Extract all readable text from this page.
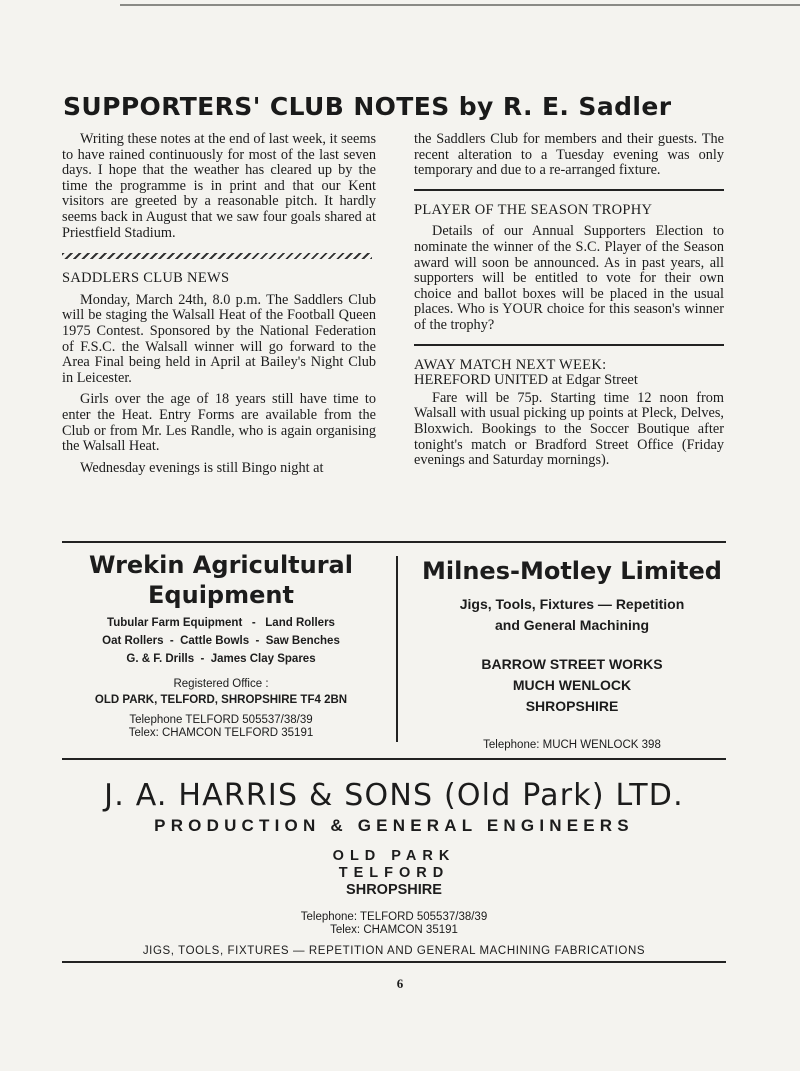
SUPPORTERS' CLUB NOTES by R. E. Sadler

Writing these notes at the end of last week, it seems to have rained continuously for most of the last seven days. I hope that the weather has cleared up by the time the programme is in print and that our Kent visitors are greeted by a reasonable pitch. It hardly seems back in August that we saw four goals shared at Priestfield Stadium.

SADDLERS CLUB NEWS

Monday, March 24th, 8.0 p.m. The Saddlers Club will be staging the Walsall Heat of the Football Queen 1975 Contest. Sponsored by the National Federation of F.S.C. the Walsall winner will go forward to the Area Final being held in April at Bailey's Night Club in Leicester.

Girls over the age of 18 years still have time to enter the Heat. Entry Forms are available from the Club or from Mr. Les Randle, who is again organising the Walsall Heat.

Wednesday evenings is still Bingo night at

the Saddlers Club for members and their guests. The recent alteration to a Tuesday evening was only temporary and due to a re-arranged fixture.

PLAYER OF THE SEASON TROPHY

Details of our Annual Supporters Election to nominate the winner of the S.C. Player of the Season award will soon be announced. As in past years, all supporters will be entitled to vote for their own choice and ballot boxes will be placed in the usual places. Who is YOUR choice for this season's winner of the trophy?

AWAY MATCH NEXT WEEK:
HEREFORD UNITED at Edgar Street

Fare will be 75p. Starting time 12 noon from Walsall with usual picking up points at Pleck, Delves, Bloxwich. Bookings to the Soccer Boutique after tonight's match or Bradford Street Office (Friday evenings and Saturday mornings).

Wrekin Agricultural
Equipment
Tubular Farm Equipment   -   Land Rollers
Oat Rollers  -  Cattle Bowls  -  Saw Benches
G. & F. Drills  -  James Clay Spares
Registered Office :
OLD PARK, TELFORD, SHROPSHIRE TF4 2BN
Telephone TELFORD 505537/38/39
Telex: CHAMCON TELFORD 35191
Milnes-Motley Limited
Jigs, Tools, Fixtures — Repetition
and General Machining
BARROW STREET WORKS
MUCH WENLOCK
SHROPSHIRE
Telephone: MUCH WENLOCK 398
J. A. HARRIS & SONS (Old Park) LTD.
PRODUCTION & GENERAL ENGINEERS
OLD PARK
TELFORD
SHROPSHIRE
Telephone: TELFORD 505537/38/39
Telex: CHAMCON 35191
JIGS, TOOLS, FIXTURES — REPETITION AND GENERAL MACHINING FABRICATIONS
6
